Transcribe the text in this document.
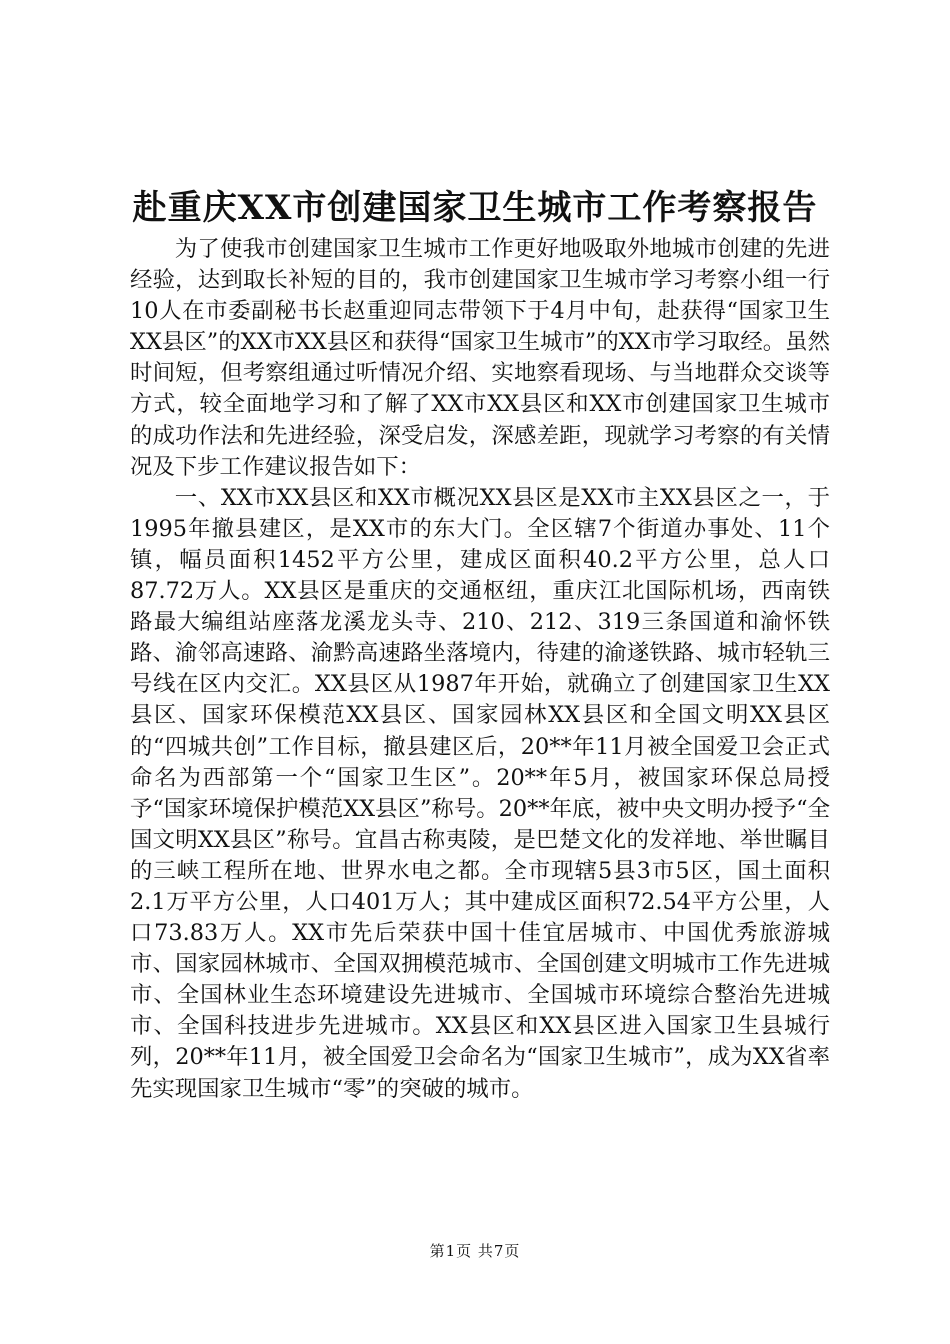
赴重庆XX市创建国家卫生城市工作考察报告

为了使我市创建国家卫生城市工作更好地吸取外地城市创建的先进经验，达到取长补短的目的，我市创建国家卫生城市学习考察小组一行10人在市委副秘书长赵重迎同志带领下于4月中旬，赴获得“国家卫生XX县区”的XX市XX县区和获得“国家卫生城市”的XX市学习取经。虽然时间短，但考察组通过听情况介绍、实地察看现场、与当地群众交谈等方式，较全面地学习和了解了XX市XX县区和XX市创建国家卫生城市的成功作法和先进经验，深受启发，深感差距，现就学习考察的有关情况及下步工作建议报告如下：

一、XX市XX县区和XX市概况XX县区是XX市主XX县区之一，于1995年撤县建区，是XX市的东大门。全区辖7个街道办事处、11个镇，幅员面积1452平方公里，建成区面积40.2平方公里，总人口87.72万人。XX县区是重庆的交通枢纽，重庆江北国际机场，西南铁路最大编组站座落龙溪龙头寺、210、212、319三条国道和渝怀铁路、渝邻高速路、渝黔高速路坐落境内，待建的渝遂铁路、城市轻轨三号线在区内交汇。XX县区从1987年开始，就确立了创建国家卫生XX县区、国家环保模范XX县区、国家园林XX县区和全国文明XX县区的“四城共创”工作目标，撤县建区后，20**年11月被全国爱卫会正式命名为西部第一个“国家卫生区”。20**年5月，被国家环保总局授予“国家环境保护模范XX县区”称号。20**年底，被中央文明办授予“全国文明XX县区”称号。宜昌古称夷陵，是巴楚文化的发祥地、举世瞩目的三峡工程所在地、世界水电之都。全市现辖5县3市5区，国土面积2.1万平方公里，人口401万人；其中建成区面积72.54平方公里，人口73.83万人。XX市先后荣获中国十佳宜居城市、中国优秀旅游城市、国家园林城市、全国双拥模范城市、全国创建文明城市工作先进城市、全国林业生态环境建设先进城市、全国城市环境综合整治先进城市、全国科技进步先进城市。XX县区和XX县区进入国家卫生县城行列，20**年11月，被全国爱卫会命名为“国家卫生城市”，成为XX省率先实现国家卫生城市“零”的突破的城市。

第1页 共7页
